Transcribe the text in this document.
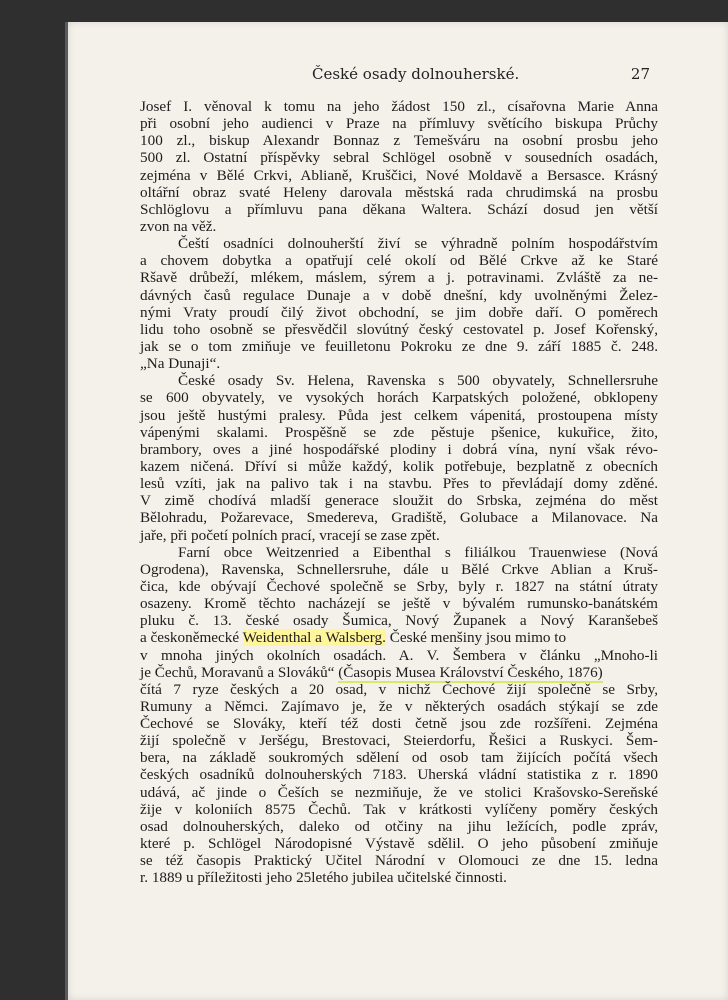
České osady dolnouherské.	27
Josef I. věnoval k tomu na jeho žádost 150 zl., císařovna Marie Anna
při osobní jeho audienci v Praze na přímluvy světícího biskupa Průchy
100 zl., biskup Alexandr Bonnaz z Temešváru na osobní prosbu jeho
500 zl. Ostatní příspěvky sebral Schlögel osobně v sousedních osadách,
zejména v Bělé Crkvi, Ablianě, Kruščici, Nové Moldavě a Bersasce. Krásný
oltářní obraz svaté Heleny darovala městská rada chrudimská na prosbu
Schlöglovu a přímluvu pana děkana Waltera. Schází dosud jen větší
zvon na věž.
Čeští osadníci dolnouherští živí se výhradně polním hospodářstvím
a chovem dobytka a opatřují celé okolí od Bělé Crkve až ke Staré
Ršavě drůbeží, mlékem, máslem, sýrem a j. potravinami. Zvláště za ne-
dávných časů regulace Dunaje a v době dnešní, kdy uvolněnými Želez-
nými Vraty proudí čilý život obchodní, se jim dobře daří. O poměrech
lidu toho osobně se přesvědčil slovútný český cestovatel p. Josef Kořenský,
jak se o tom zmiňuje ve feuilletonu Pokroku ze dne 9. září 1885 č. 248.
„Na Dunaji“.
České osady Sv. Helena, Ravenska s 500 obyvately, Schnellersruhe
se 600 obyvately, ve vysokých horách Karpatských položené, obklopeny
jsou ještě hustými pralesy. Půda jest celkem vápenitá, prostoupena místy
vápenými skalami. Prospěšně se zde pěstuje pšenice, kukuřice, žito,
brambory, oves a jiné hospodářské plodiny i dobrá vína, nyní však révo-
kazem ničená. Dříví si může každý, kolik potřebuje, bezplatně z obecních
lesů vzíti, jak na palivo tak i na stavbu. Přes to převládají domy zděné.
V zimě chodívá mladší generace sloužit do Srbska, zejména do měst
Bělohradu, Požarevace, Smedereva, Gradiště, Golubace a Milanovace. Na
jaře, při početí polních prací, vracejí se zase zpět.
Farní obce Weitzenried a Eibenthal s filiálkou Trauenwiese (Nová
Ogrodena), Ravenska, Schnellersruhe, dále u Bělé Crkve Ablian a Kruš-
čica, kde obývají Čechové společně se Srby, byly r. 1827 na státní útraty
osazeny. Kromě těchto nacházejí se ještě v bývalém rumunsko-banátském
pluku č. 13. české osady Šumica, Nový Županek a Nový Karanšebeš
a českoněmecké Weidenthal a Walsberg. České menšiny jsou mimo to
v mnoha jiných okolních osadách. A. V. Šembera v článku „Mnoho-li
je Čechů, Moravanů a Slováků“ (Časopis Musea Království Českého, 1876)
čítá 7 ryze českých a 20 osad, v nichž Čechové žijí společně se Srby,
Rumuny a Němci. Zajímavo je, že v některých osadách stýkají se zde
Čechové se Slováky, kteří též dosti četně jsou zde rozšířeni. Zejména
žijí společně v Jeršégu, Brestovaci, Steierdorfu, Řešici a Ruskyci. Šem-
bera, na základě soukromých sdělení od osob tam žijících počítá všech
českých osadníků dolnouherských 7183. Uherská vládní statistika z r. 1890
udává, ač jinde o Češích se nezmiňuje, že ve stolici Krašovsko-Sereňské
žije v koloniích 8575 Čechů. Tak v krátkosti vylíčeny poměry českých
osad dolnouherských, daleko od otčiny na jihu ležících, podle zpráv,
které p. Schlögel Národopisné Výstavě sdělil. O jeho působení zmiňuje
se též časopis Praktický Učitel Národní v Olomouci ze dne 15. ledna
r. 1889 u příležitosti jeho 25letého jubilea učitelské činnosti.
